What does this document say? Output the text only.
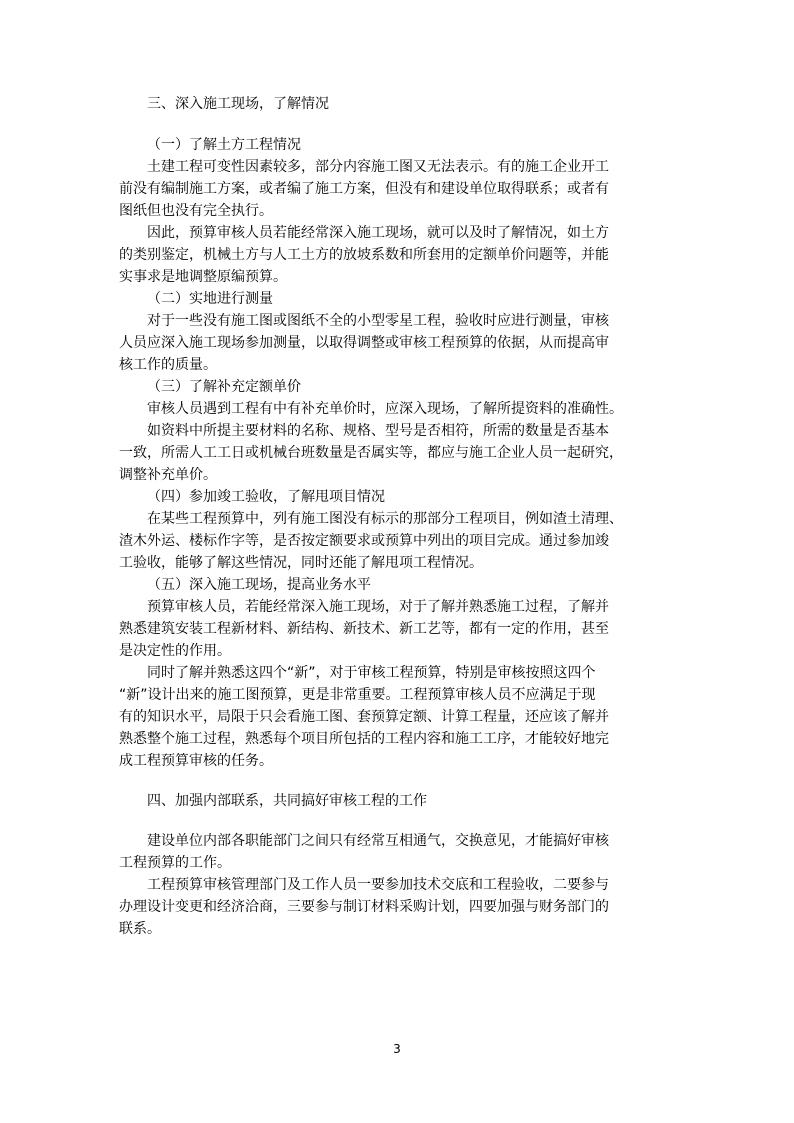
三、深入施工现场，了解情况
（一）了解土方工程情况
土建工程可变性因素较多，部分内容施工图又无法表示。有的施工企业开工
前没有编制施工方案，或者编了施工方案，但没有和建设单位取得联系；或者有
图纸但也没有完全执行。
因此，预算审核人员若能经常深入施工现场，就可以及时了解情况，如土方
的类别鉴定，机械土方与人工土方的放坡系数和所套用的定额单价问题等，并能
实事求是地调整原编预算。
（二）实地进行测量
对于一些没有施工图或图纸不全的小型零星工程，验收时应进行测量，审核
人员应深入施工现场参加测量，以取得调整或审核工程预算的依据，从而提高审
核工作的质量。
（三）了解补充定额单价
审核人员遇到工程有中有补充单价时，应深入现场，了解所提资料的准确性。
如资料中所提主要材料的名称、规格、型号是否相符，所需的数量是否基本
一致，所需人工工日或机械台班数量是否属实等，都应与施工企业人员一起研究，
调整补充单价。
（四）参加竣工验收，了解甩项目情况
在某些工程预算中，列有施工图没有标示的那部分工程项目，例如渣土清理、
渣木外运、楼标作字等，是否按定额要求或预算中列出的项目完成。通过参加竣
工验收，能够了解这些情况，同时还能了解甩项工程情况。
（五）深入施工现场，提高业务水平
预算审核人员，若能经常深入施工现场，对于了解并熟悉施工过程，了解并
熟悉建筑安装工程新材料、新结构、新技术、新工艺等，都有一定的作用，甚至
是决定性的作用。
同时了解并熟悉这四个“新”，对于审核工程预算，特别是审核按照这四个
“新”设计出来的施工图预算，更是非常重要。工程预算审核人员不应满足于现
有的知识水平，局限于只会看施工图、套预算定额、计算工程量，还应该了解并
熟悉整个施工过程，熟悉每个项目所包括的工程内容和施工工序，才能较好地完
成工程预算审核的任务。
四、加强内部联系，共同搞好审核工程的工作
建设单位内部各职能部门之间只有经常互相通气，交换意见，才能搞好审核
工程预算的工作。
工程预算审核管理部门及工作人员一要参加技术交底和工程验收，二要参与
办理设计变更和经济洽商，三要参与制订材料采购计划，四要加强与财务部门的
联系。
3
